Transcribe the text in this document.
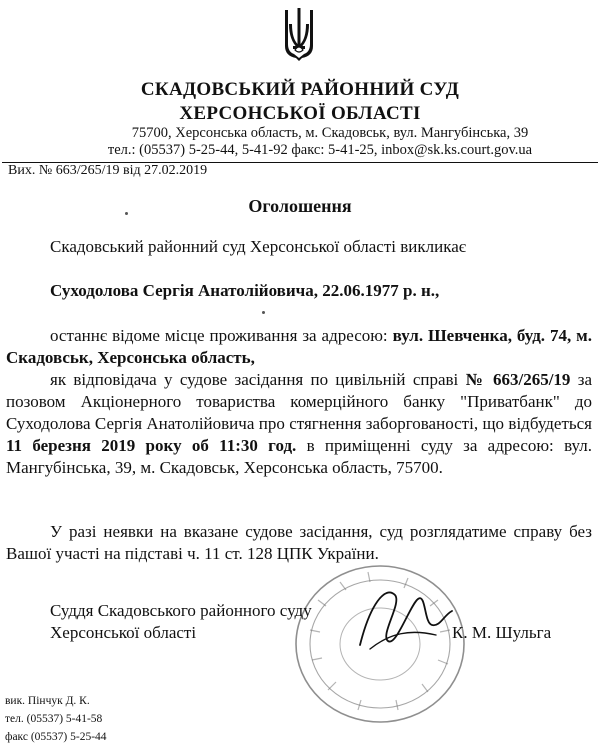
СКАДОВСЬКИЙ РАЙОННИЙ СУД
ХЕРСОНСЬКОЇ ОБЛАСТІ
75700, Херсонська область, м. Скадовськ, вул. Мангубінська, 39
тел.: (05537) 5-25-44, 5-41-92 факс: 5-41-25, inbox@sk.ks.court.gov.ua
Вих. № 663/265/19 від 27.02.2019
Оголошення
Скадовський районний суд Херсонської області викликає
Суходолова Сергія Анатолійовича, 22.06.1977 р. н.,
останнє відоме місце проживання за адресою: вул. Шевченка, буд. 74, м. Скадовськ, Херсонська область,
як відповідача у судове засідання по цивільній справі № 663/265/19 за позовом Акціонерного товариства комерційного банку "Приватбанк" до Суходолова Сергія Анатолійовича про стягнення заборгованості, що відбудеться 11 березня 2019 року об 11:30 год. в приміщенні суду за адресою: вул. Мангубінська, 39, м. Скадовськ, Херсонська область, 75700.
У разі неявки на вказане судове засідання, суд розглядатиме справу без Вашої участі на підставі ч. 11 ст. 128 ЦПК України.
Суддя Скадовського районного суду
Херсонської області	К. М. Шульга
вик. Пінчук Д. К.
тел. (05537) 5-41-58
факс (05537) 5-25-44
